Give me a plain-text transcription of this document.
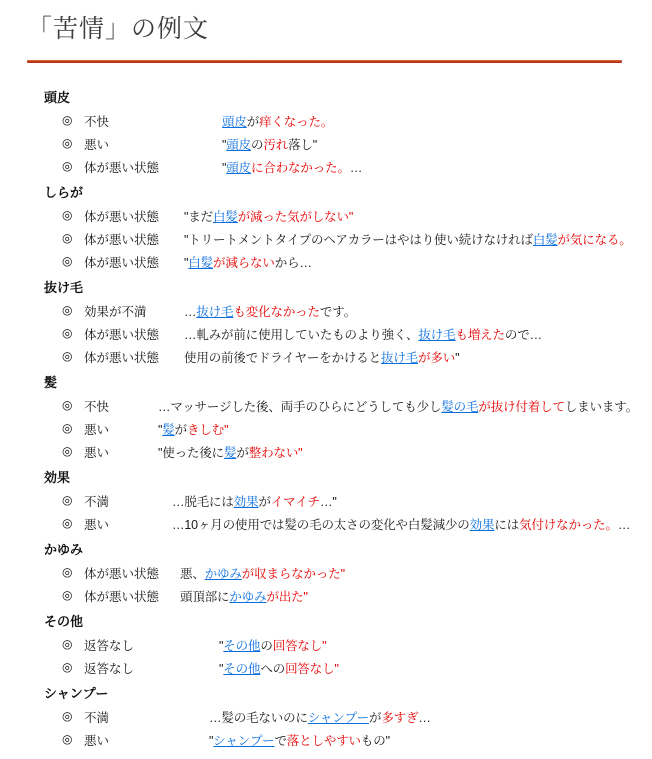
「苦情」の例文
頭皮
◎ 不快	頭皮が痒くなった。
◎ 悪い	"頭皮の汚れ落し"
◎ 体が悪い状態	"頭皮に合わなかった。…
しらが
◎ 体が悪い状態	"まだ白髪が減った気がしない"
◎ 体が悪い状態	"トリートメントタイプのヘアカラーはやはり使い続けなければ白髪が気になる。
◎ 体が悪い状態	"白髪が減らないから…
抜け毛
◎ 効果が不満	…抜け毛も変化なかったです。
◎ 体が悪い状態	…軋みが前に使用していたものより強く、抜け毛も増えたので…
◎ 体が悪い状態	使用の前後でドライヤーをかけると抜け毛が多い"
髪
◎ 不快	…マッサージした後、両手のひらにどうしても少し髪の毛が抜け付着してしまいます。
◎ 悪い	"髪がきしむ"
◎ 悪い	"使った後に髪が整わない"
効果
◎ 不満	…脱毛には効果がイマイチ…"
◎ 悪い	…10ヶ月の使用では髪の毛の太さの変化や白髪減少の効果には気付けなかった。…
かゆみ
◎ 体が悪い状態	悪、かゆみが収まらなかった"
◎ 体が悪い状態	頭頂部にかゆみが出た"
その他
◎ 返答なし	"その他の回答なし"
◎ 返答なし	"その他への回答なし"
シャンプー
◎ 不満	…髪の毛ないのにシャンプーが多すぎ…
◎ 悪い	"シャンプーで落としやすいもの"
